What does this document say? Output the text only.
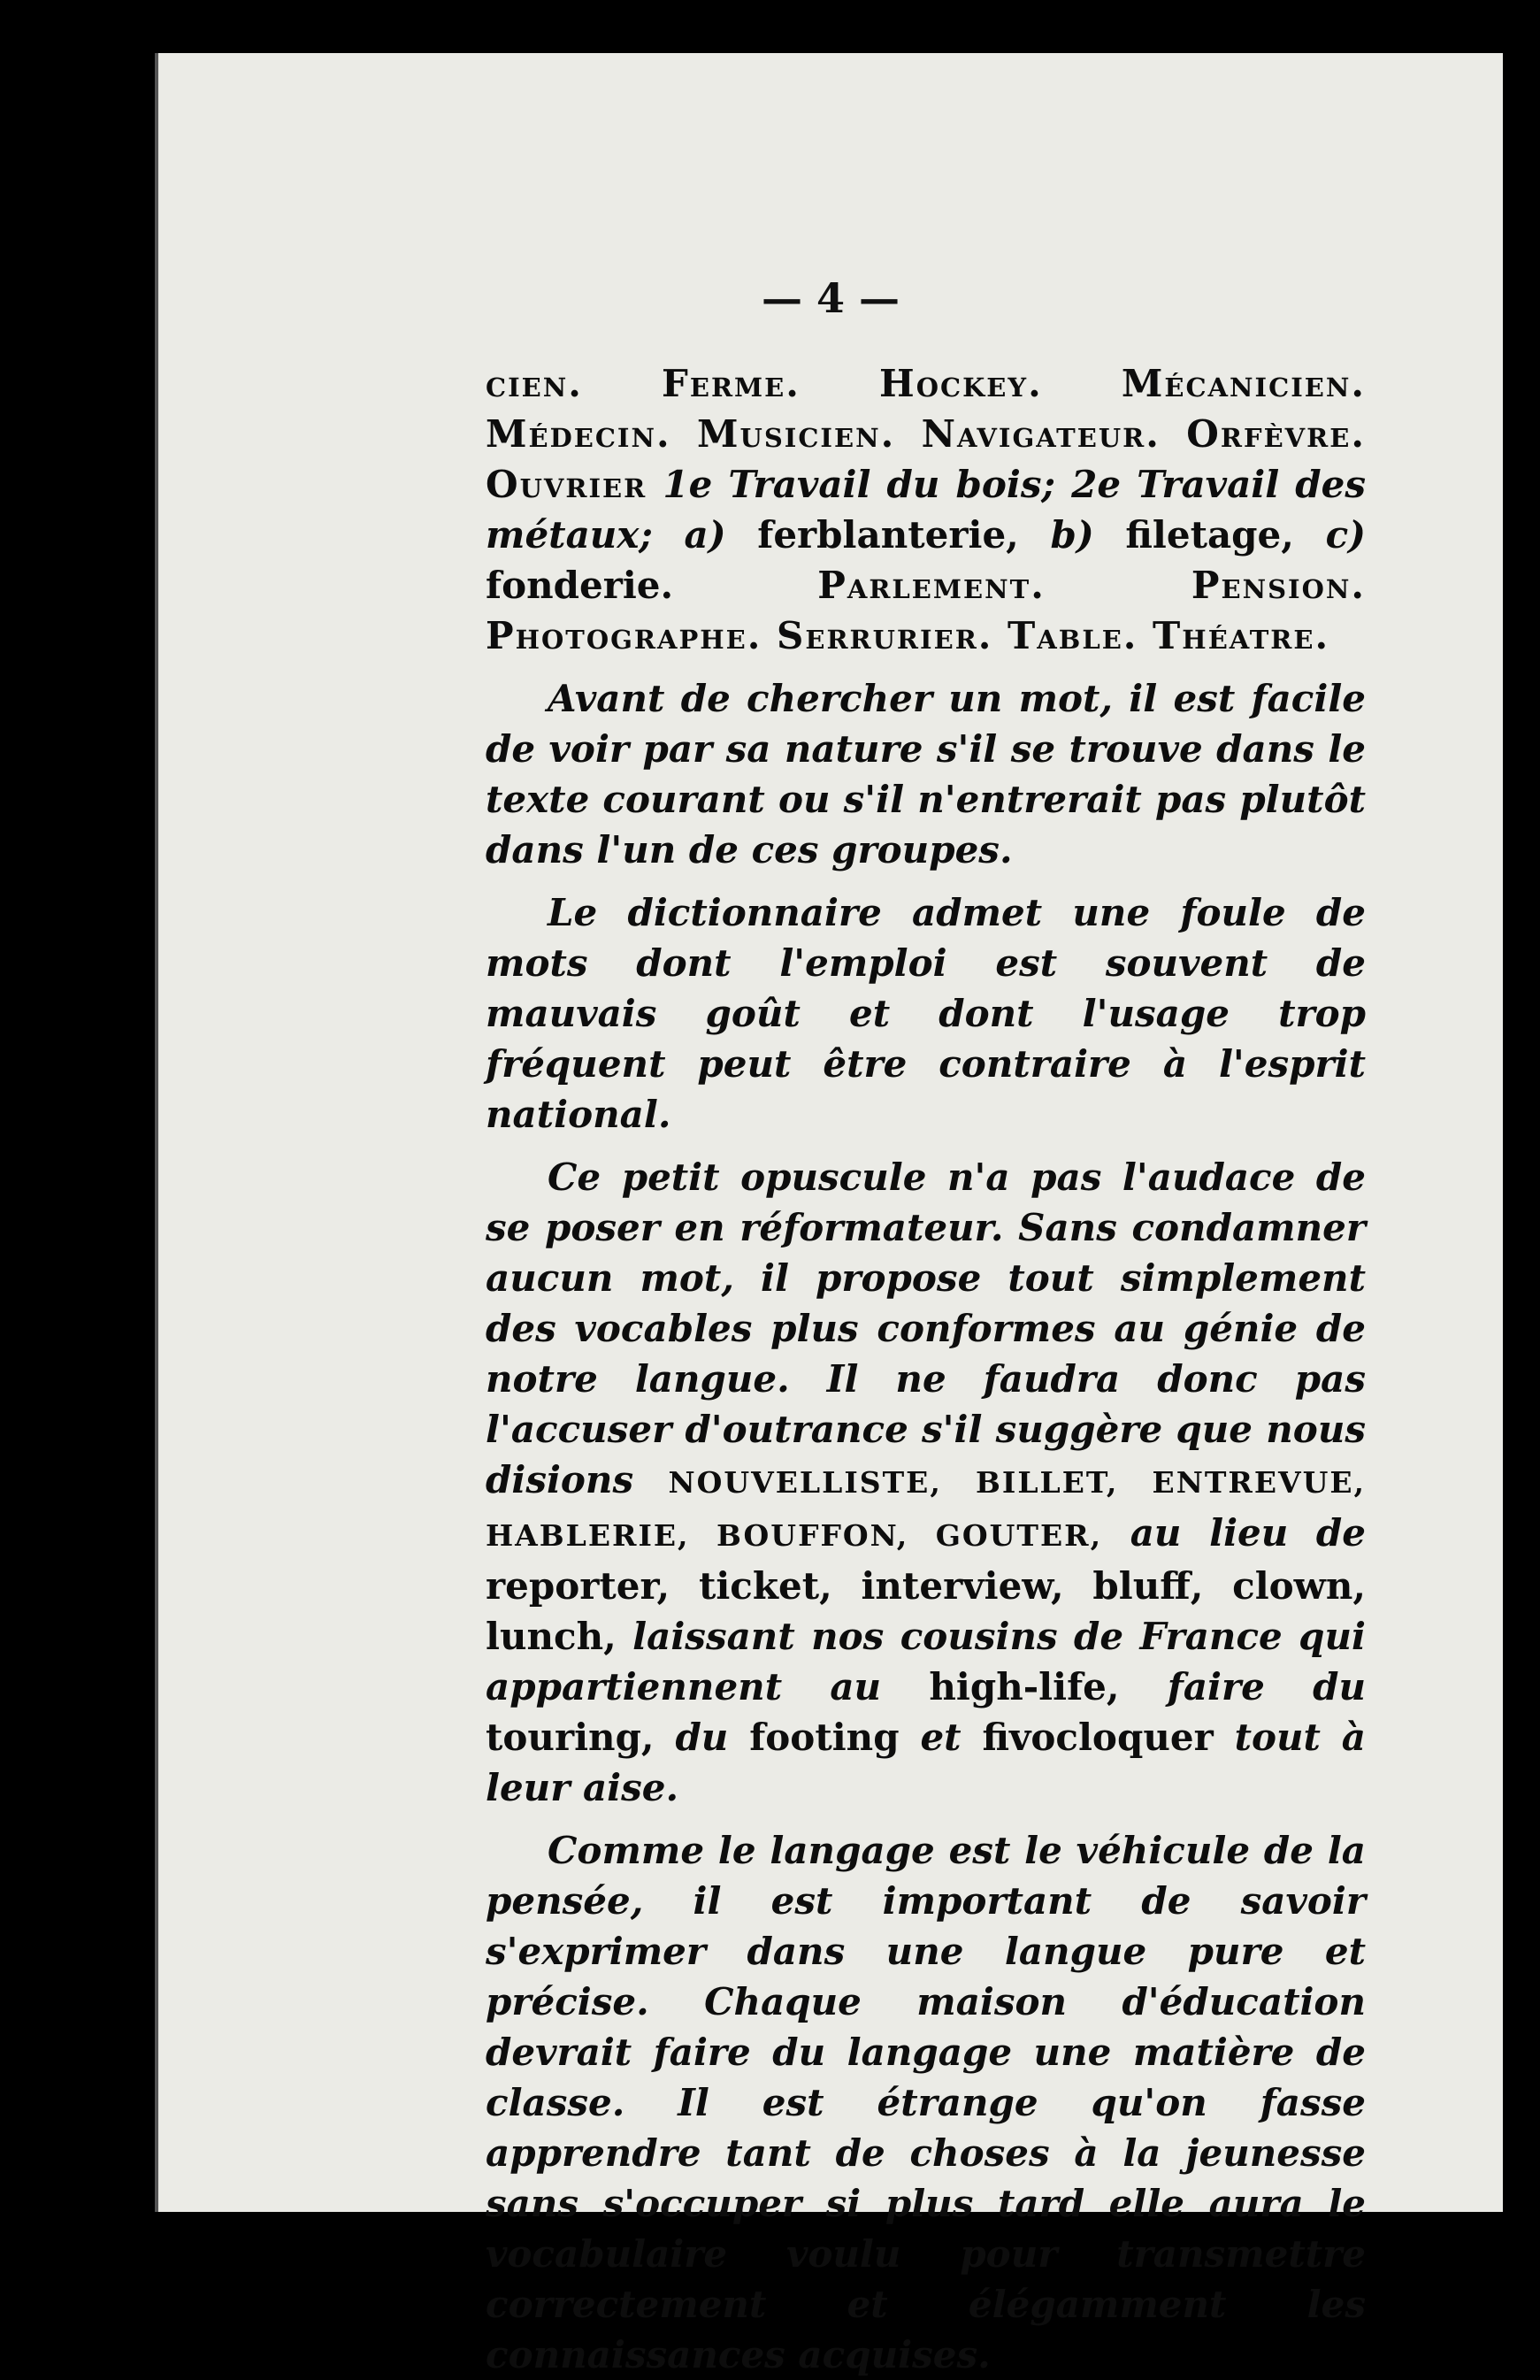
— 4 —

cien. Ferme. Hockey. Mécanicien. Médecin. Musicien. Navigateur. Orfèvre. Ouvrier 1e Travail du bois; 2e Travail des métaux; a) ferblanterie, b) filetage, c) fonderie.	Parlement. Pension. Photographe. Serrurier. Table. Théatre.

Avant de chercher un mot, il est facile de voir par sa nature s'il se trouve dans le texte courant ou s'il n'entrerait pas plutôt dans l'un de ces groupes.

Le dictionnaire admet une foule de mots dont l'emploi est souvent de mauvais goût et dont l'usage trop fréquent peut être contraire à l'esprit national.

Ce petit opuscule n'a pas l'audace de se poser en réformateur. Sans condamner aucun mot, il propose tout simplement des vocables plus conformes au génie de notre langue. Il ne faudra donc pas l'accuser d'outrance s'il suggère que nous disions NOUVELLISTE, BILLET, ENTREVUE, HABLERIE, BOUFFON, GOUTER, au lieu de reporter, ticket, interview, bluff, clown, lunch, laissant nos cousins de France qui appartiennent au high-life, faire du touring, du footing et fivocloquer tout à leur aise.

Comme le langage est le véhicule de la pensée, il est important de savoir s'exprimer dans une langue pure et précise. Chaque maison d'éducation devrait faire du langage une matière de classe. Il est étrange qu'on fasse apprendre tant de choses à la jeunesse sans s'occuper si plus tard elle aura le vocabulaire voulu pour transmettre correctement et élégamment les connaissances acquises.
